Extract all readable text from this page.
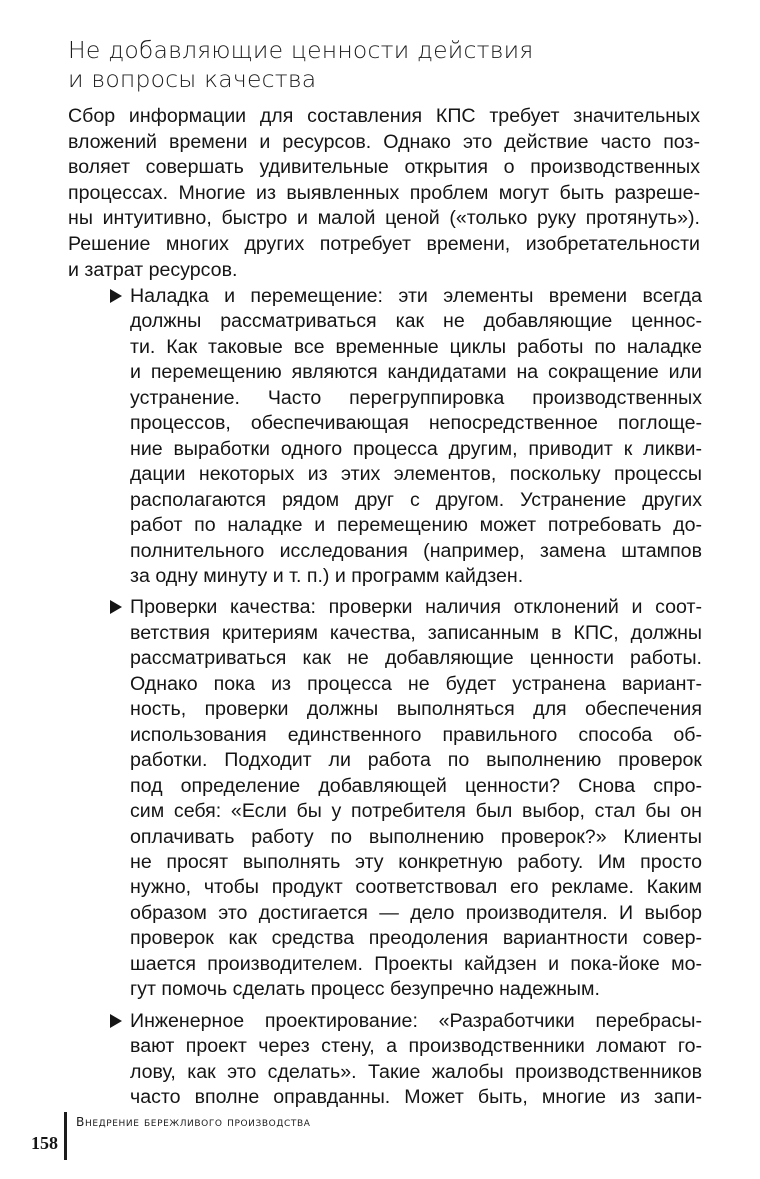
Не добавляющие ценности действия
и вопросы качества
Сбор информации для составления КПС требует значительных
вложений времени и ресурсов. Однако это действие часто поз-
воляет совершать удивительные открытия о производственных
процессах. Многие из выявленных проблем могут быть разреше-
ны интуитивно, быстро и малой ценой («только руку протянуть»).
Решение многих других потребует времени, изобретательности
и затрат ресурсов.
Наладка и перемещение: эти элементы времени всегда
должны рассматриваться как не добавляющие ценнос-
ти. Как таковые все временные циклы работы по наладке
и перемещению являются кандидатами на сокращение или
устранение. Часто перегруппировка производственных
процессов, обеспечивающая непосредственное поглоще-
ние выработки одного процесса другим, приводит к ликви-
дации некоторых из этих элементов, поскольку процессы
располагаются рядом друг с другом. Устранение других
работ по наладке и перемещению может потребовать до-
полнительного исследования (например, замена штампов
за одну минуту и т. п.) и программ кайдзен.
Проверки качества: проверки наличия отклонений и соот-
ветствия критериям качества, записанным в КПС, должны
рассматриваться как не добавляющие ценности работы.
Однако пока из процесса не будет устранена вариант-
ность, проверки должны выполняться для обеспечения
использования единственного правильного способа об-
работки. Подходит ли работа по выполнению проверок
под определение добавляющей ценности? Снова спро-
сим себя: «Если бы у потребителя был выбор, стал бы он
оплачивать работу по выполнению проверок?» Клиенты
не просят выполнять эту конкретную работу. Им просто
нужно, чтобы продукт соответствовал его рекламе. Каким
образом это достигается — дело производителя. И выбор
проверок как средства преодоления вариантности совер-
шается производителем. Проекты кайдзен и пока-йоке мо-
гут помочь сделать процесс безупречно надежным.
Инженерное проектирование: «Разработчики перебрасы-
вают проект через стену, а производственники ломают го-
лову, как это сделать». Такие жалобы производственников
часто вполне оправданны. Может быть, многие из запи-
158
Внедрение бережливого производства
